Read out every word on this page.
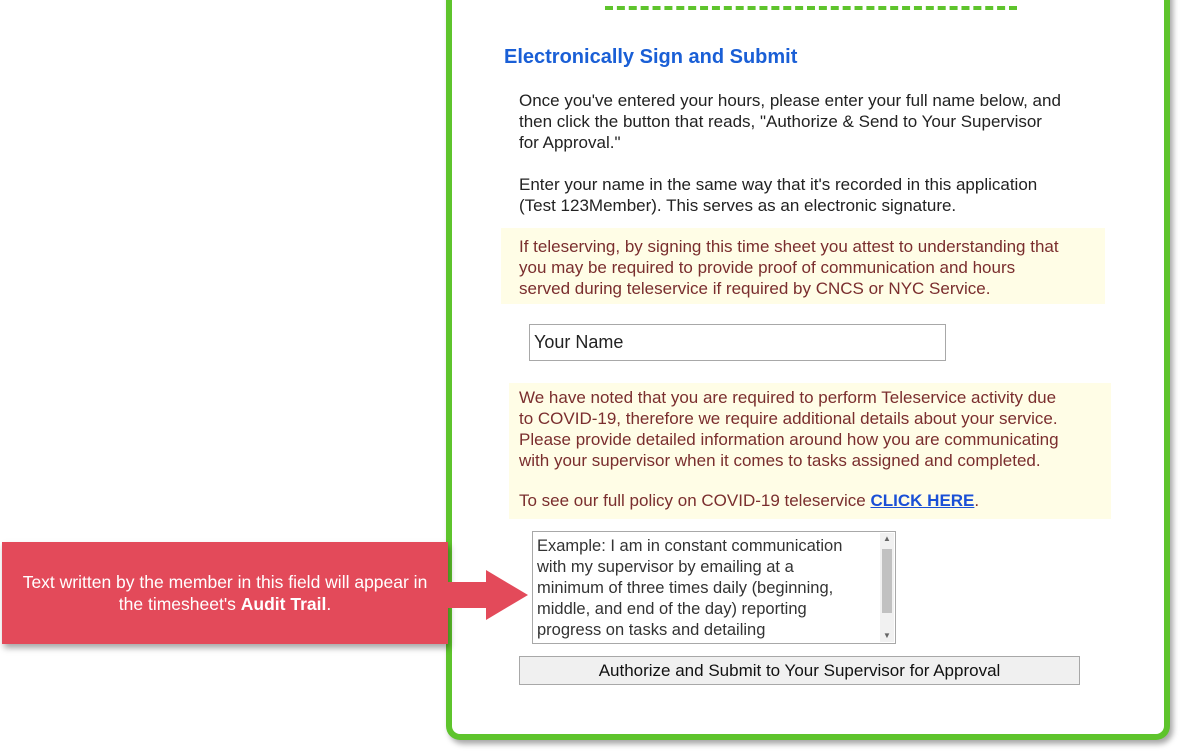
Electronically Sign and Submit
Once you've entered your hours, please enter your full name below, and
then click the button that reads, "Authorize & Send to Your Supervisor
for Approval."
Enter your name in the same way that it's recorded in this application
(Test 123Member). This serves as an electronic signature.
If teleserving, by signing this time sheet you attest to understanding that
you may be required to provide proof of communication and hours
served during teleservice if required by CNCS or NYC Service.
Your Name
We have noted that you are required to perform Teleservice activity due
to COVID-19, therefore we require additional details about your service.
Please provide detailed information around how you are communicating
with your supervisor when it comes to tasks assigned and completed.
To see our full policy on COVID-19 teleservice CLICK HERE.
Example: I am in constant communication
with my supervisor by emailing at a
minimum of three times daily (beginning,
middle, and end of the day) reporting
progress on tasks and detailing
▲
▼
Authorize and Submit to Your Supervisor for Approval
Text written by the member in this field will appear in the timesheet's Audit Trail.
